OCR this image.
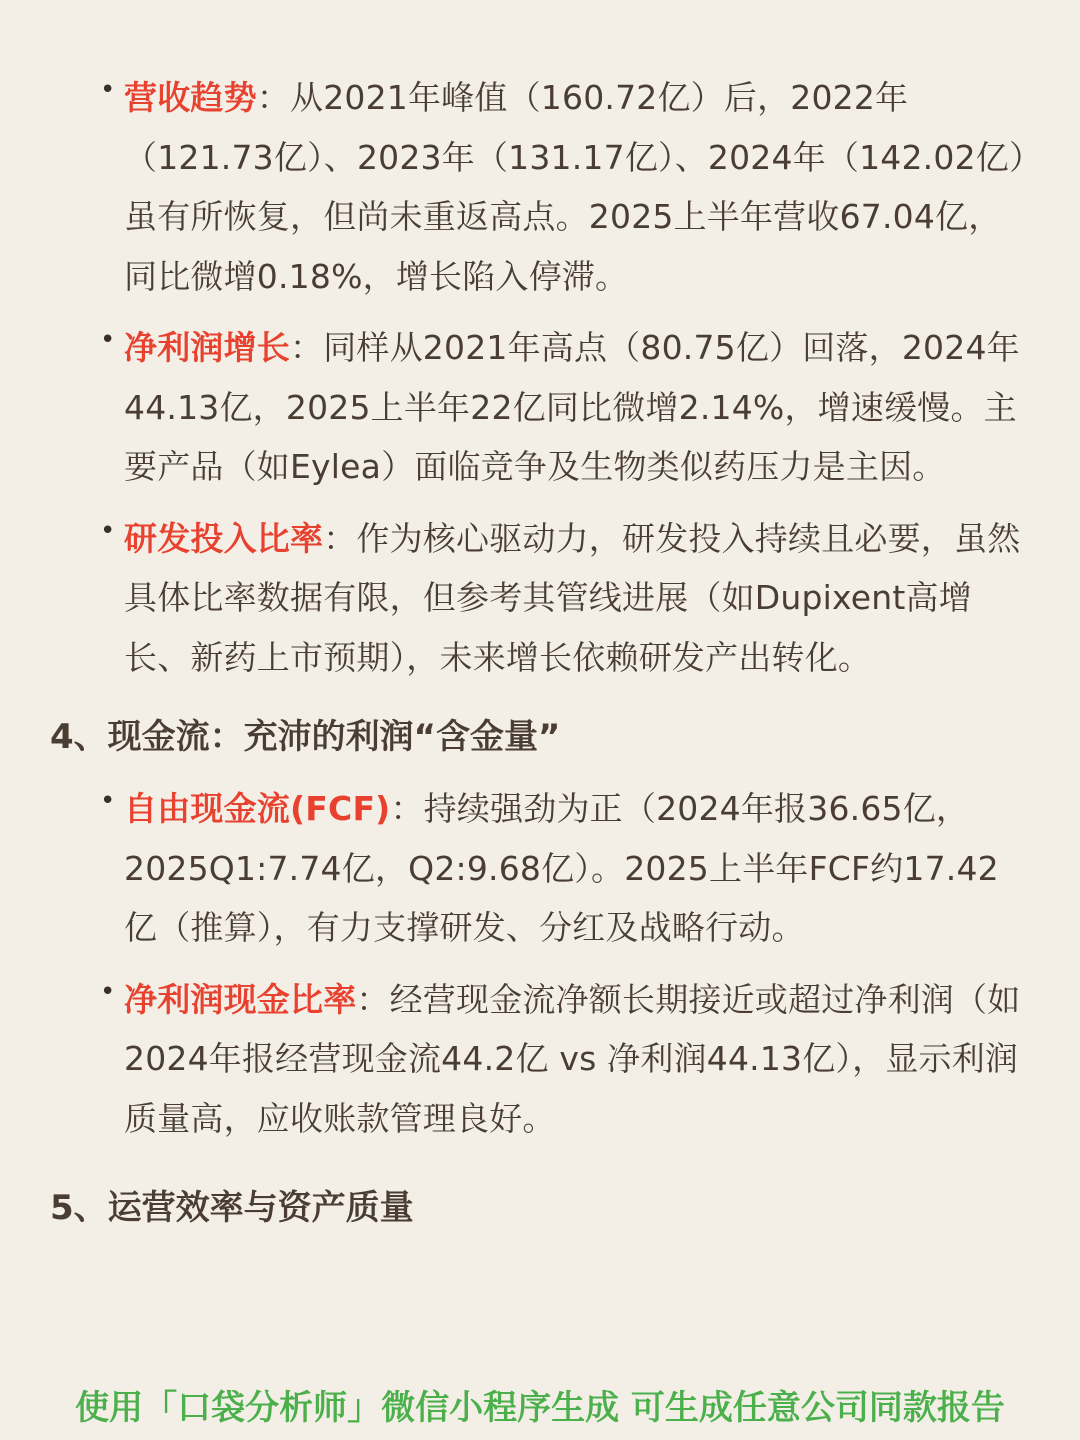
• 营收趋势：从2021年峰值（160.72亿）后，2022年（121.73亿）、2023年（131.17亿）、2024年（142.02亿）虽有所恢复，但尚未重返高点。2025上半年营收67.04亿，同比微增0.18%，增长陷入停滞。
• 净利润增长：同样从2021年高点（80.75亿）回落，2024年44.13亿，2025上半年22亿同比微增2.14%，增速缓慢。主要产品（如Eylea）面临竞争及生物类似药压力是主因。
• 研发投入比率：作为核心驱动力，研发投入持续且必要，虽然具体比率数据有限，但参考其管线进展（如Dupixent高增长、新药上市预期），未来增长依赖研发产出转化。
4、现金流：充沛的利润“含金量”
• 自由现金流(FCF)：持续强劲为正（2024年报36.65亿，2025Q1:7.74亿，Q2:9.68亿）。2025上半年FCF约17.42亿（推算），有力支撑研发、分红及战略行动。
• 净利润现金比率：经营现金流净额长期接近或超过净利润（如2024年报经营现金流44.2亿 vs 净利润44.13亿），显示利润质量高，应收账款管理良好。
5、运营效率与资产质量
使用「口袋分析师」微信小程序生成 可生成任意公司同款报告
